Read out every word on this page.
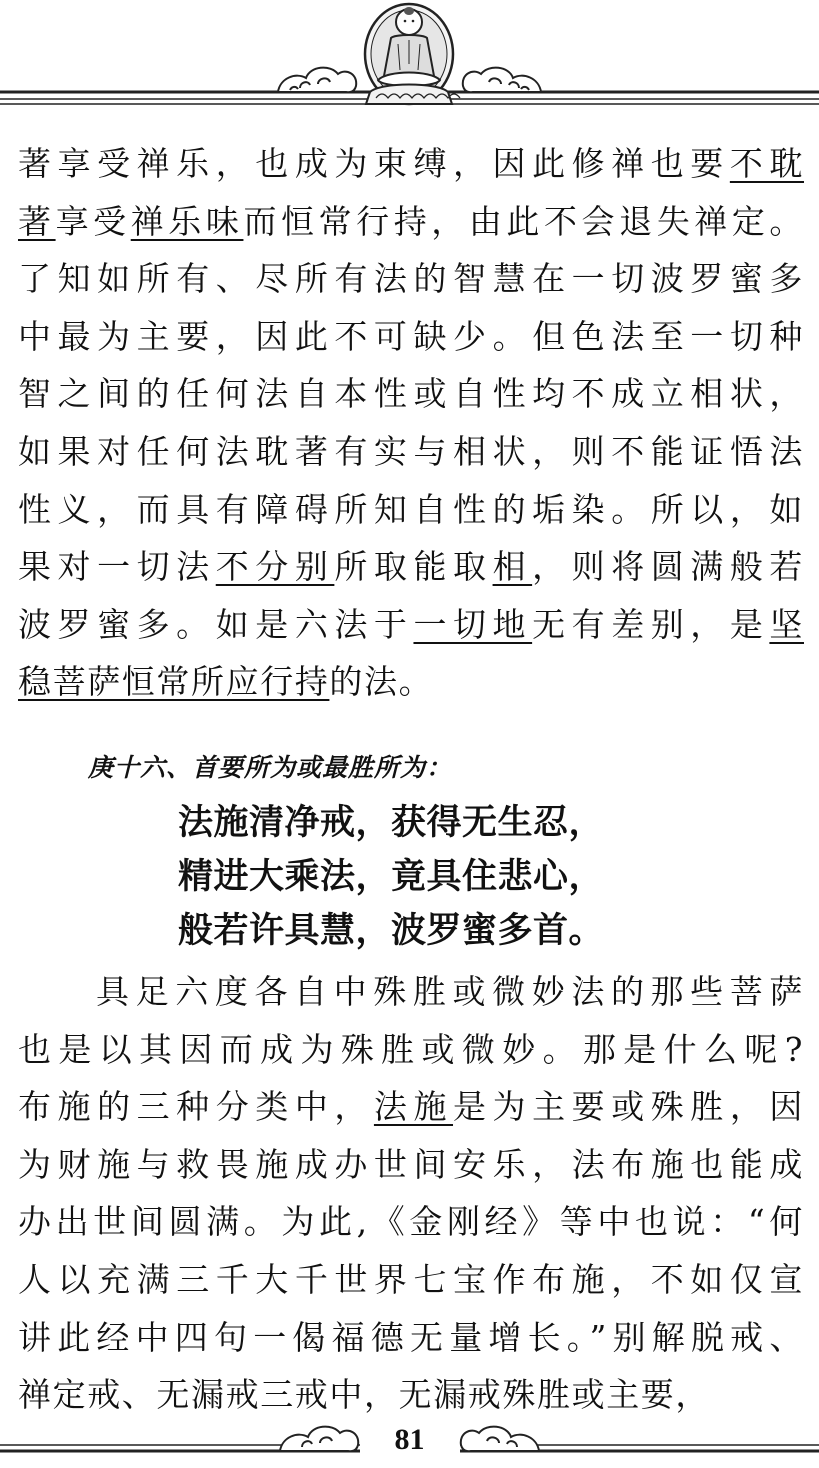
著享受禅乐，也成为束缚，因此修禅也要不耽
著享受禅乐味而恒常行持，由此不会退失禅定。
了知如所有、尽所有法的智慧在一切波罗蜜多
中最为主要，因此不可缺少。但色法至一切种
智之间的任何法自本性或自性均不成立相状，
如果对任何法耽著有实与相状，则不能证悟法
性义，而具有障碍所知自性的垢染。所以，如
果对一切法不分别所取能取相，则将圆满般若
波罗蜜多。如是六法于一切地无有差别，是坚
稳菩萨恒常所应行持的法。
庚十六、首要所为或最胜所为：
法施清净戒，获得无生忍，
精进大乘法，竟具住悲心，
般若许具慧，波罗蜜多首。
具足六度各自中殊胜或微妙法的那些菩萨
也是以其因而成为殊胜或微妙。那是什么呢?
布施的三种分类中，法施是为主要或殊胜，因
为财施与救畏施成办世间安乐，法布施也能成
办出世间圆满。为此,《金刚经》等中也说：“何
人以充满三千大千世界七宝作布施，不如仅宣
讲此经中四句一偈福德无量增长。”别解脱戒、
禅定戒、无漏戒三戒中，无漏戒殊胜或主要，
81
